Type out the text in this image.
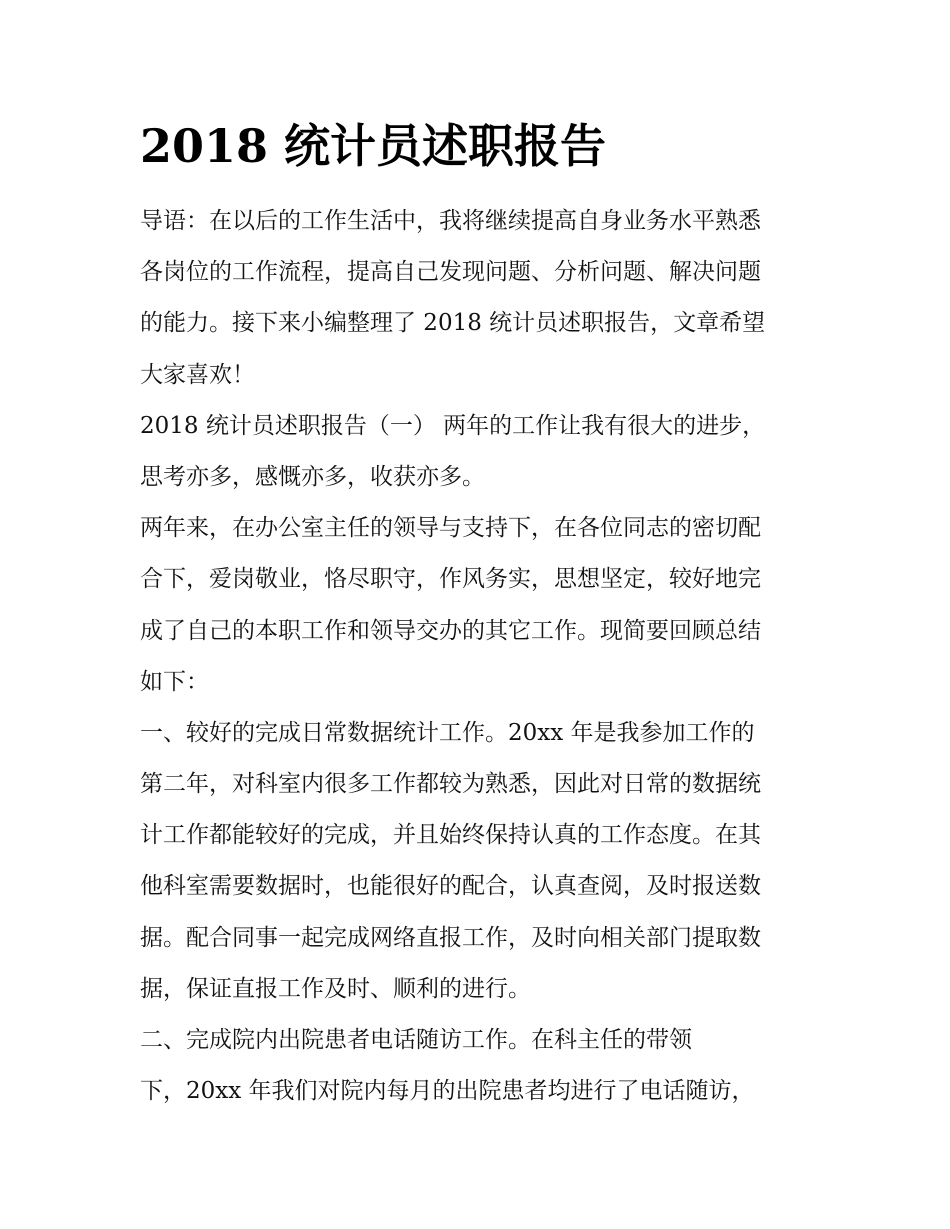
2018 统计员述职报告
导语：在以后的工作生活中，我将继续提高自身业务水平熟悉
各岗位的工作流程，提高自己发现问题、分析问题、解决问题
的能力。接下来小编整理了 2018 统计员述职报告，文章希望
大家喜欢！
2018 统计员述职报告（一） 两年的工作让我有很大的进步，
思考亦多，感慨亦多，收获亦多。
两年来，在办公室主任的领导与支持下，在各位同志的密切配
合下，爱岗敬业，恪尽职守，作风务实，思想坚定，较好地完
成了自己的本职工作和领导交办的其它工作。现简要回顾总结
如下：
一、较好的完成日常数据统计工作。20xx 年是我参加工作的
第二年，对科室内很多工作都较为熟悉，因此对日常的数据统
计工作都能较好的完成，并且始终保持认真的工作态度。在其
他科室需要数据时，也能很好的配合，认真查阅，及时报送数
据。配合同事一起完成网络直报工作，及时向相关部门提取数
据，保证直报工作及时、顺利的进行。
二、完成院内出院患者电话随访工作。在科主任的带领
下，20xx 年我们对院内每月的出院患者均进行了电话随访，
